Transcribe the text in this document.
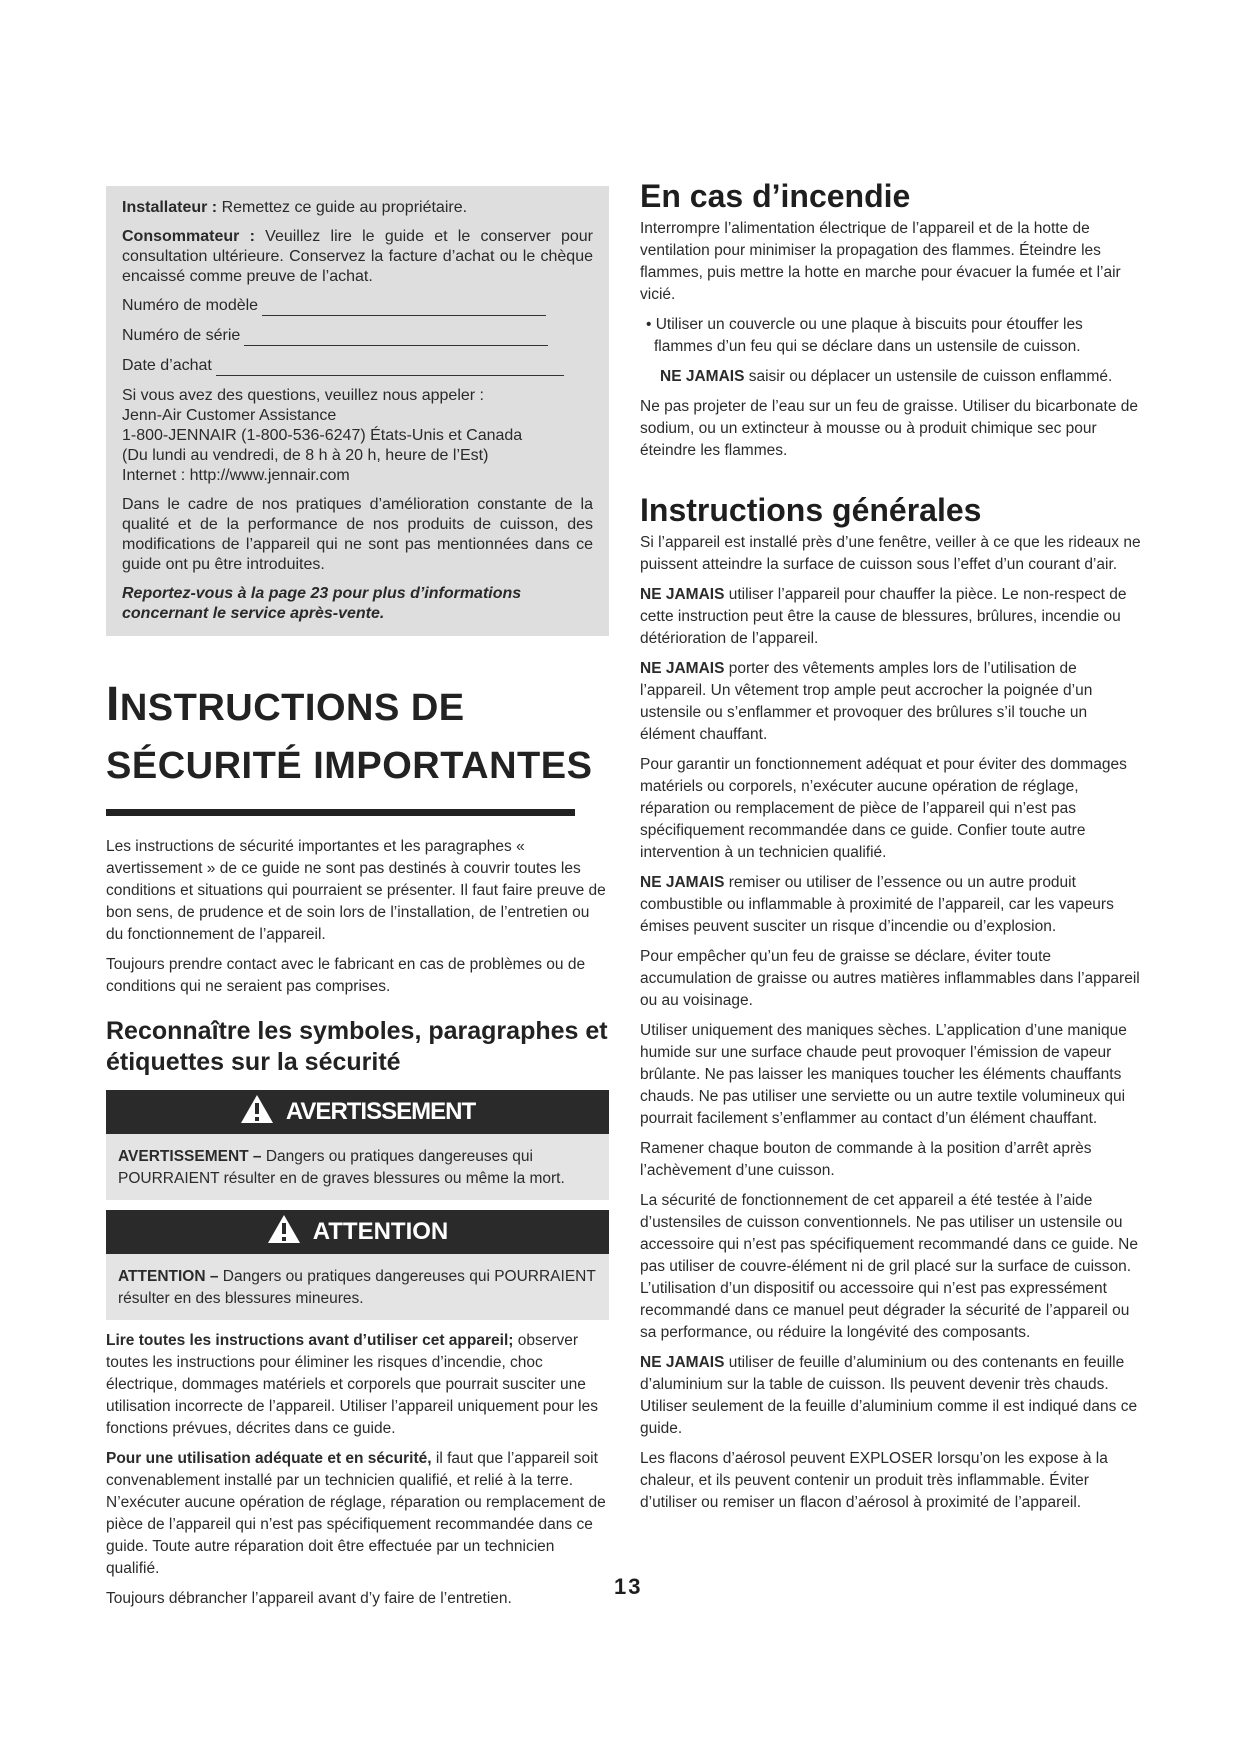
Installateur : Remettez ce guide au propriétaire.

Consommateur : Veuillez lire le guide et le conserver pour consultation ultérieure. Conservez la facture d’achat ou le chèque encaissé comme preuve de l’achat.

Numéro de modèle
Numéro de série
Date d’achat

Si vous avez des questions, veuillez nous appeler :
Jenn-Air Customer Assistance
1-800-JENNAIR (1-800-536-6247) États-Unis et Canada
(Du lundi au vendredi, de 8 h à 20 h, heure de l’Est)
Internet : http://www.jennair.com

Dans le cadre de nos pratiques d’amélioration constante de la qualité et de la performance de nos produits de cuisson, des modifications de l’appareil qui ne sont pas mentionnées dans ce guide ont pu être introduites.

Reportez-vous à la page 23 pour plus d’informations concernant le service après-vente.

INSTRUCTIONS DE
SÉCURITÉ IMPORTANTES

Les instructions de sécurité importantes et les paragraphes « avertissement » de ce guide ne sont pas destinés à couvrir toutes les conditions et situations qui pourraient se présenter. Il faut faire preuve de bon sens, de prudence et de soin lors de l’installation, de l’entretien ou du fonctionnement de l’appareil.

Toujours prendre contact avec le fabricant en cas de problèmes ou de conditions qui ne seraient pas comprises.

Reconnaître les symboles, paragraphes et étiquettes sur la sécurité
AVERTISSEMENT
AVERTISSEMENT – Dangers ou pratiques dangereuses qui POURRAIENT résulter en de graves blessures ou même la mort.
ATTENTION
ATTENTION – Dangers ou pratiques dangereuses qui POURRAIENT résulter en des blessures mineures.

Lire toutes les instructions avant d’utiliser cet appareil; observer toutes les instructions pour éliminer les risques d’incendie, choc électrique, dommages matériels et corporels que pourrait susciter une utilisation incorrecte de l’appareil. Utiliser l’appareil uniquement pour les fonctions prévues, décrites dans ce guide.

Pour une utilisation adéquate et en sécurité, il faut que l’appareil soit convenablement installé par un technicien qualifié, et relié à la terre. N’exécuter aucune opération de réglage, réparation ou remplacement de pièce de l’appareil qui n’est pas spécifiquement recommandée dans ce guide. Toute autre réparation doit être effectuée par un technicien qualifié.

Toujours débrancher l’appareil avant d’y faire de l’entretien.

En cas d’incendie

Interrompre l’alimentation électrique de l’appareil et de la hotte de ventilation pour minimiser la propagation des flammes. Éteindre les flammes, puis mettre la hotte en marche pour évacuer la fumée et l’air vicié.

• Utiliser un couvercle ou une plaque à biscuits pour étouffer les flammes d’un feu qui se déclare dans un ustensile de cuisson.

NE JAMAIS saisir ou déplacer un ustensile de cuisson enflammé.

Ne pas projeter de l’eau sur un feu de graisse. Utiliser du bicarbonate de sodium, ou un extincteur à mousse ou à produit chimique sec pour éteindre les flammes.

Instructions générales

Si l’appareil est installé près d’une fenêtre, veiller à ce que les rideaux ne puissent atteindre la surface de cuisson sous l’effet d’un courant d’air.

NE JAMAIS utiliser l’appareil pour chauffer la pièce. Le non-respect de cette instruction peut être la cause de blessures, brûlures, incendie ou détérioration de l’appareil.

NE JAMAIS porter des vêtements amples lors de l’utilisation de l’appareil. Un vêtement trop ample peut accrocher la poignée d’un ustensile ou s’enflammer et provoquer des brûlures s’il touche un élément chauffant.

Pour garantir un fonctionnement adéquat et pour éviter des dommages matériels ou corporels, n’exécuter aucune opération de réglage, réparation ou remplacement de pièce de l’appareil qui n’est pas spécifiquement recommandée dans ce guide. Confier toute autre intervention à un technicien qualifié.

NE JAMAIS remiser ou utiliser de l’essence ou un autre produit combustible ou inflammable à proximité de l’appareil, car les vapeurs émises peuvent susciter un risque d’incendie ou d’explosion.

Pour empêcher qu’un feu de graisse se déclare, éviter toute accumulation de graisse ou autres matières inflammables dans l’appareil ou au voisinage.

Utiliser uniquement des maniques sèches. L’application d’une manique humide sur une surface chaude peut provoquer l’émission de vapeur brûlante. Ne pas laisser les maniques toucher les éléments chauffants chauds. Ne pas utiliser une serviette ou un autre textile volumineux qui pourrait facilement s’enflammer au contact d’un élément chauffant.

Ramener chaque bouton de commande à la position d’arrêt après l’achèvement d’une cuisson.

La sécurité de fonctionnement de cet appareil a été testée à l’aide d’ustensiles de cuisson conventionnels. Ne pas utiliser un ustensile ou accessoire qui n’est pas spécifiquement recommandé dans ce guide. Ne pas utiliser de couvre-élément ni de gril placé sur la surface de cuisson. L’utilisation d’un dispositif ou accessoire qui n’est pas expressément recommandé dans ce manuel peut dégrader la sécurité de l’appareil ou sa performance, ou réduire la longévité des composants.

NE JAMAIS utiliser de feuille d’aluminium ou des contenants en feuille d’aluminium sur la table de cuisson. Ils peuvent devenir très chauds. Utiliser seulement de la feuille d’aluminium comme il est indiqué dans ce guide.

Les flacons d’aérosol peuvent EXPLOSER lorsqu’on les expose à la chaleur, et ils peuvent contenir un produit très inflammable. Éviter d’utiliser ou remiser un flacon d’aérosol à proximité de l’appareil.

13
